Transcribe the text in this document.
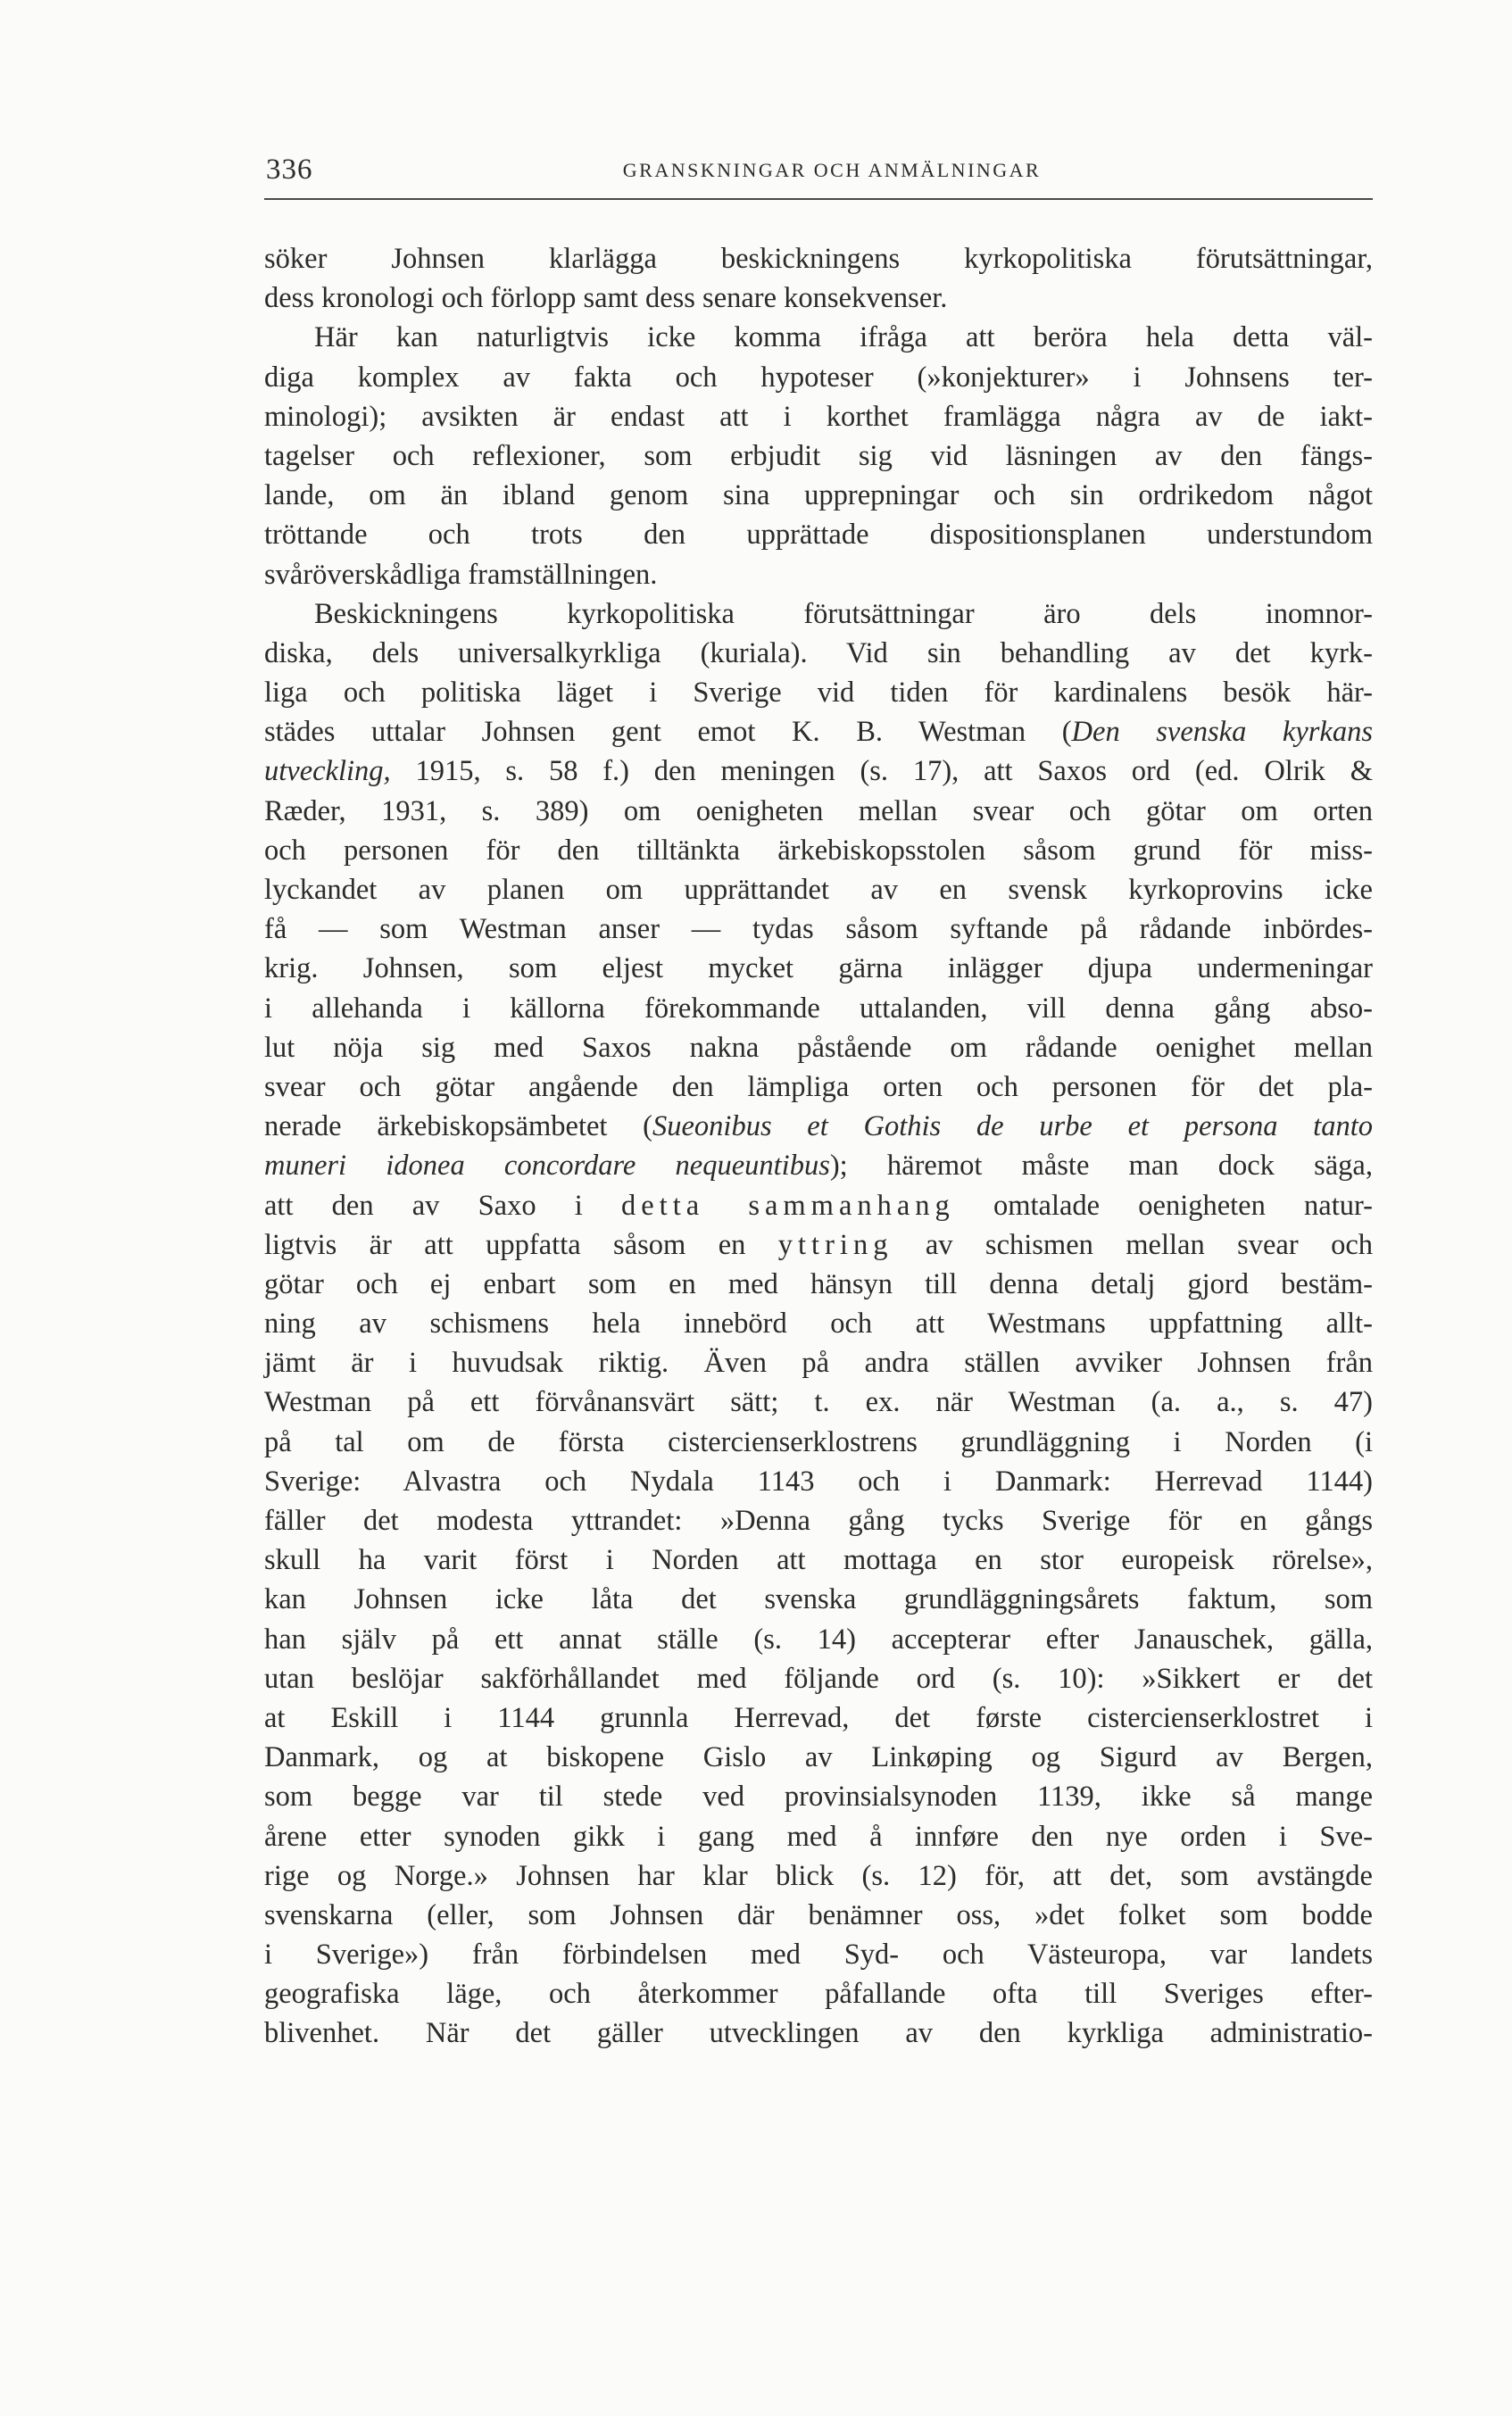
336	GRANSKNINGAR OCH ANMÄLNINGAR
söker Johnsen klarlägga beskickningens kyrkopolitiska förutsättningar,
dess kronologi och förlopp samt dess senare konsekvenser.
Här kan naturligtvis icke komma ifråga att beröra hela detta väl-
diga komplex av fakta och hypoteser (»konjekturer» i Johnsens ter-
minologi); avsikten är endast att i korthet framlägga några av de iakt-
tagelser och reflexioner, som erbjudit sig vid läsningen av den fängs-
lande, om än ibland genom sina upprepningar och sin ordrikedom något
tröttande och trots den upprättade dispositionsplanen understundom
svåröverskådliga framställningen.
Beskickningens kyrkopolitiska förutsättningar äro dels inomnor-
diska, dels universalkyrkliga (kuriala). Vid sin behandling av det kyrk-
liga och politiska läget i Sverige vid tiden för kardinalens besök här-
städes uttalar Johnsen gent emot K. B. Westman (Den svenska kyrkans
utveckling, 1915, s. 58 f.) den meningen (s. 17), att Saxos ord (ed. Olrik &
Ræder, 1931, s. 389) om oenigheten mellan svear och götar om orten
och personen för den tilltänkta ärkebiskopsstolen såsom grund för miss-
lyckandet av planen om upprättandet av en svensk kyrkoprovins icke
få — som Westman anser — tydas såsom syftande på rådande inbördes-
krig. Johnsen, som eljest mycket gärna inlägger djupa undermeningar
i allehanda i källorna förekommande uttalanden, vill denna gång abso-
lut nöja sig med Saxos nakna påstående om rådande oenighet mellan
svear och götar angående den lämpliga orten och personen för det pla-
nerade ärkebiskopsämbetet (Sueonibus et Gothis de urbe et persona tanto
muneri idonea concordare nequeuntibus); häremot måste man dock säga,
att den av Saxo i detta sammanhang omtalade oenigheten natur-
ligtvis är att uppfatta såsom en yttring av schismen mellan svear och
götar och ej enbart som en med hänsyn till denna detalj gjord bestäm-
ning av schismens hela innebörd och att Westmans uppfattning allt-
jämt är i huvudsak riktig. Även på andra ställen avviker Johnsen från
Westman på ett förvånansvärt sätt; t. ex. när Westman (a. a., s. 47)
på tal om de första cistercienserklostrens grundläggning i Norden (i
Sverige: Alvastra och Nydala 1143 och i Danmark: Herrevad 1144)
fäller det modesta yttrandet: »Denna gång tycks Sverige för en gångs
skull ha varit först i Norden att mottaga en stor europeisk rörelse»,
kan Johnsen icke låta det svenska grundläggningsårets faktum, som
han själv på ett annat ställe (s. 14) accepterar efter Janauschek, gälla,
utan beslöjar sakförhållandet med följande ord (s. 10): »Sikkert er det
at Eskill i 1144 grunnla Herrevad, det første cistercienserklostret i
Danmark, og at biskopene Gislo av Linkøping og Sigurd av Bergen,
som begge var til stede ved provinsialsynoden 1139, ikke så mange
årene etter synoden gikk i gang med å innføre den nye orden i Sve-
rige og Norge.» Johnsen har klar blick (s. 12) för, att det, som avstängde
svenskarna (eller, som Johnsen där benämner oss, »det folket som bodde
i Sverige») från förbindelsen med Syd- och Västeuropa, var landets
geografiska läge, och återkommer påfallande ofta till Sveriges efter-
blivenhet. När det gäller utvecklingen av den kyrkliga administratio-
